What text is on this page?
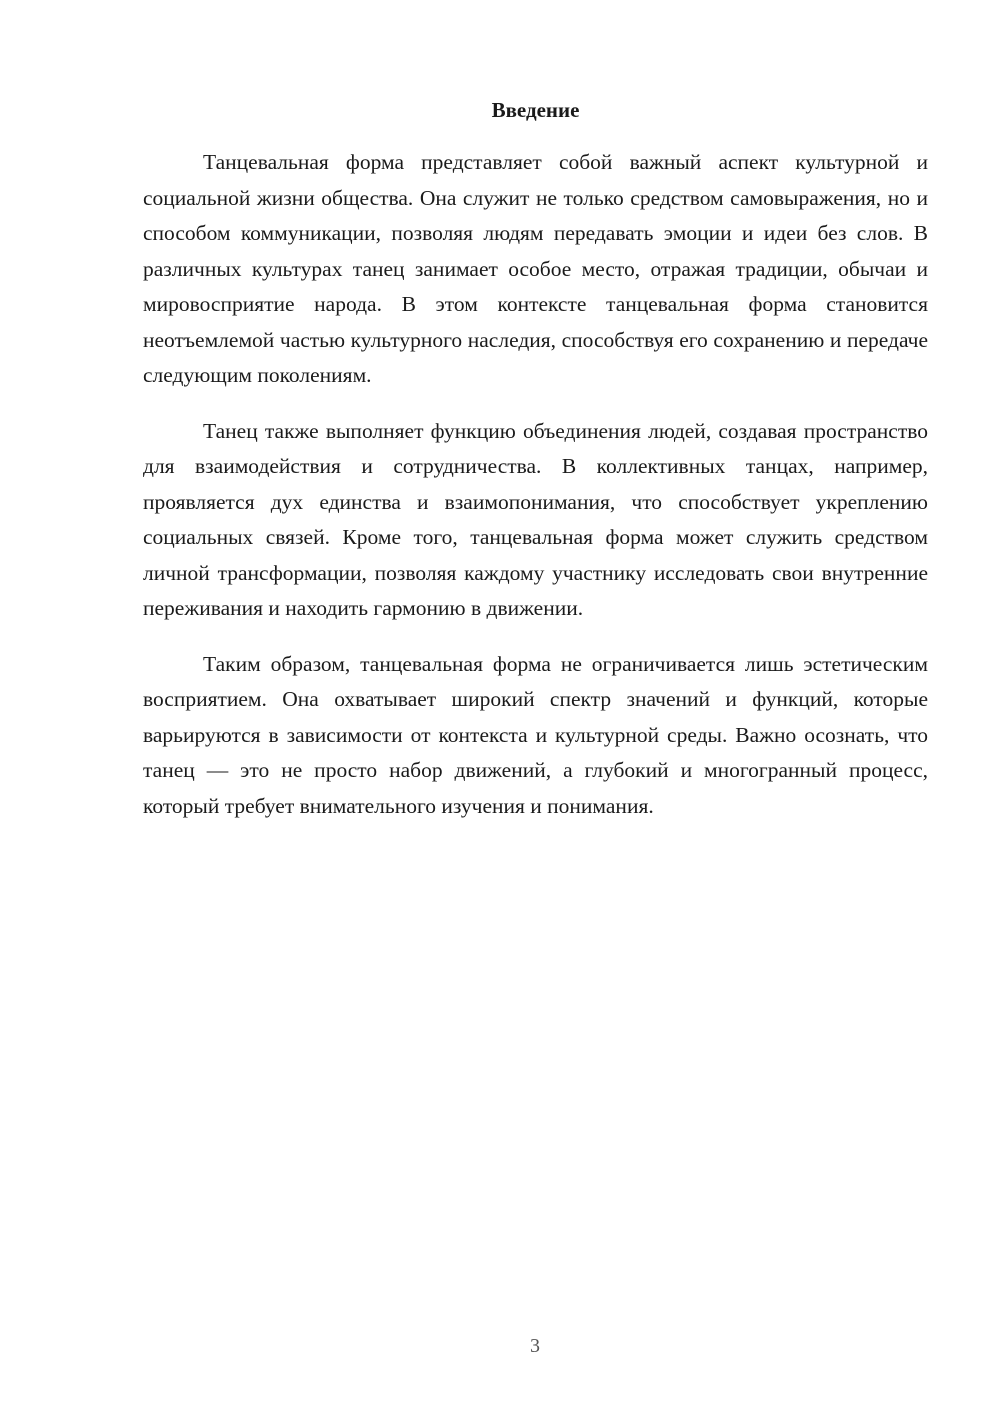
Введение

Танцевальная форма представляет собой важный аспект культурной и социальной жизни общества. Она служит не только средством самовыражения, но и способом коммуникации, позволяя людям передавать эмоции и идеи без слов. В различных культурах танец занимает особое место, отражая традиции, обычаи и мировосприятие народа. В этом контексте танцевальная форма становится неотъемлемой частью культурного наследия, способствуя его сохранению и передаче следующим поколениям.

Танец также выполняет функцию объединения людей, создавая пространство для взаимодействия и сотрудничества. В коллективных танцах, например, проявляется дух единства и взаимопонимания, что способствует укреплению социальных связей. Кроме того, танцевальная форма может служить средством личной трансформации, позволяя каждому участнику исследовать свои внутренние переживания и находить гармонию в движении.

Таким образом, танцевальная форма не ограничивается лишь эстетическим восприятием. Она охватывает широкий спектр значений и функций, которые варьируются в зависимости от контекста и культурной среды. Важно осознать, что танец — это не просто набор движений, а глубокий и многогранный процесс, который требует внимательного изучения и понимания.

3
